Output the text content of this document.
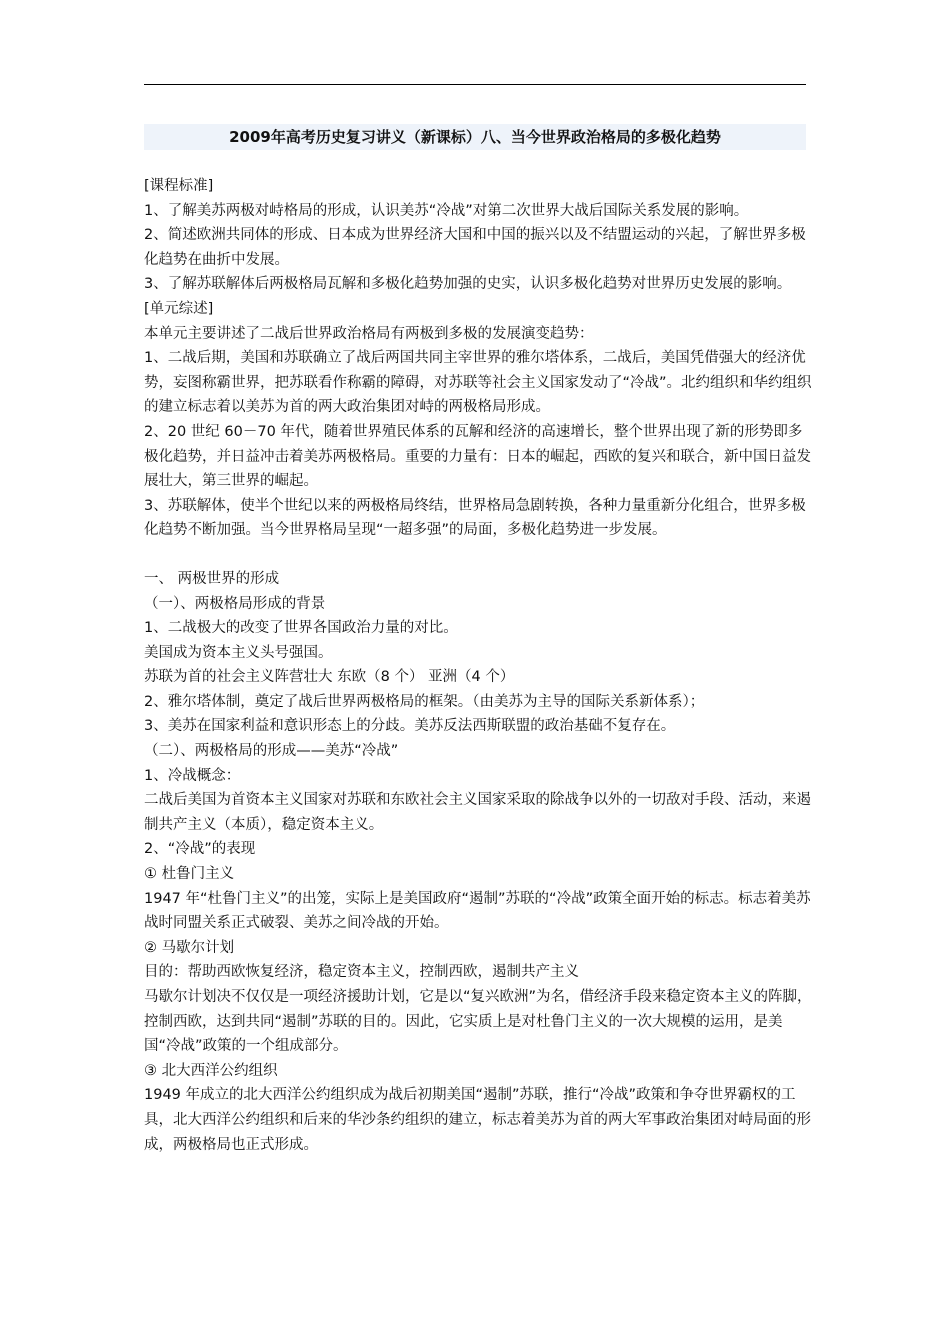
2009年高考历史复习讲义（新课标）八、当今世界政治格局的多极化趋势
[课程标准]
1、了解美苏两极对峙格局的形成，认识美苏“冷战”对第二次世界大战后国际关系发展的影响。
2、简述欧洲共同体的形成、日本成为世界经济大国和中国的振兴以及不结盟运动的兴起，了解世界多极化趋势在曲折中发展。
3、了解苏联解体后两极格局瓦解和多极化趋势加强的史实，认识多极化趋势对世界历史发展的影响。
[单元综述]
本单元主要讲述了二战后世界政治格局有两极到多极的发展演变趋势：
1、二战后期，美国和苏联确立了战后两国共同主宰世界的雅尔塔体系，二战后，美国凭借强大的经济优势，妄图称霸世界，把苏联看作称霸的障碍，对苏联等社会主义国家发动了“冷战”。北约组织和华约组织的建立标志着以美苏为首的两大政治集团对峙的两极格局形成。
2、20 世纪 60－70 年代，随着世界殖民体系的瓦解和经济的高速增长，整个世界出现了新的形势即多极化趋势，并日益冲击着美苏两极格局。重要的力量有：日本的崛起，西欧的复兴和联合，新中国日益发展壮大，第三世界的崛起。
3、苏联解体，使半个世纪以来的两极格局终结，世界格局急剧转换，各种力量重新分化组合，世界多极化趋势不断加强。当今世界格局呈现“一超多强”的局面，多极化趋势进一步发展。
一、 两极世界的形成
（一）、两极格局形成的背景
1、二战极大的改变了世界各国政治力量的对比。
美国成为资本主义头号强国。
苏联为首的社会主义阵营壮大 东欧（8 个） 亚洲（4 个）
2、雅尔塔体制，奠定了战后世界两极格局的框架。（由美苏为主导的国际关系新体系）；
3、美苏在国家利益和意识形态上的分歧。美苏反法西斯联盟的政治基础不复存在。
（二）、两极格局的形成——美苏“冷战”
1、冷战概念：
二战后美国为首资本主义国家对苏联和东欧社会主义国家采取的除战争以外的一切敌对手段、活动，来遏制共产主义（本质），稳定资本主义。
2、“冷战”的表现
① 杜鲁门主义
1947 年“杜鲁门主义”的出笼，实际上是美国政府“遏制”苏联的“冷战”政策全面开始的标志。标志着美苏战时同盟关系正式破裂、美苏之间冷战的开始。
② 马歇尔计划
目的：帮助西欧恢复经济，稳定资本主义，控制西欧，遏制共产主义
马歇尔计划决不仅仅是一项经济援助计划，它是以“复兴欧洲”为名，借经济手段来稳定资本主义的阵脚，控制西欧，达到共同“遏制”苏联的目的。因此，它实质上是对杜鲁门主义的一次大规模的运用，是美国“冷战”政策的一个组成部分。
③ 北大西洋公约组织
1949 年成立的北大西洋公约组织成为战后初期美国“遏制”苏联，推行“冷战”政策和争夺世界霸权的工具，北大西洋公约组织和后来的华沙条约组织的建立，标志着美苏为首的两大军事政治集团对峙局面的形成，两极格局也正式形成。
